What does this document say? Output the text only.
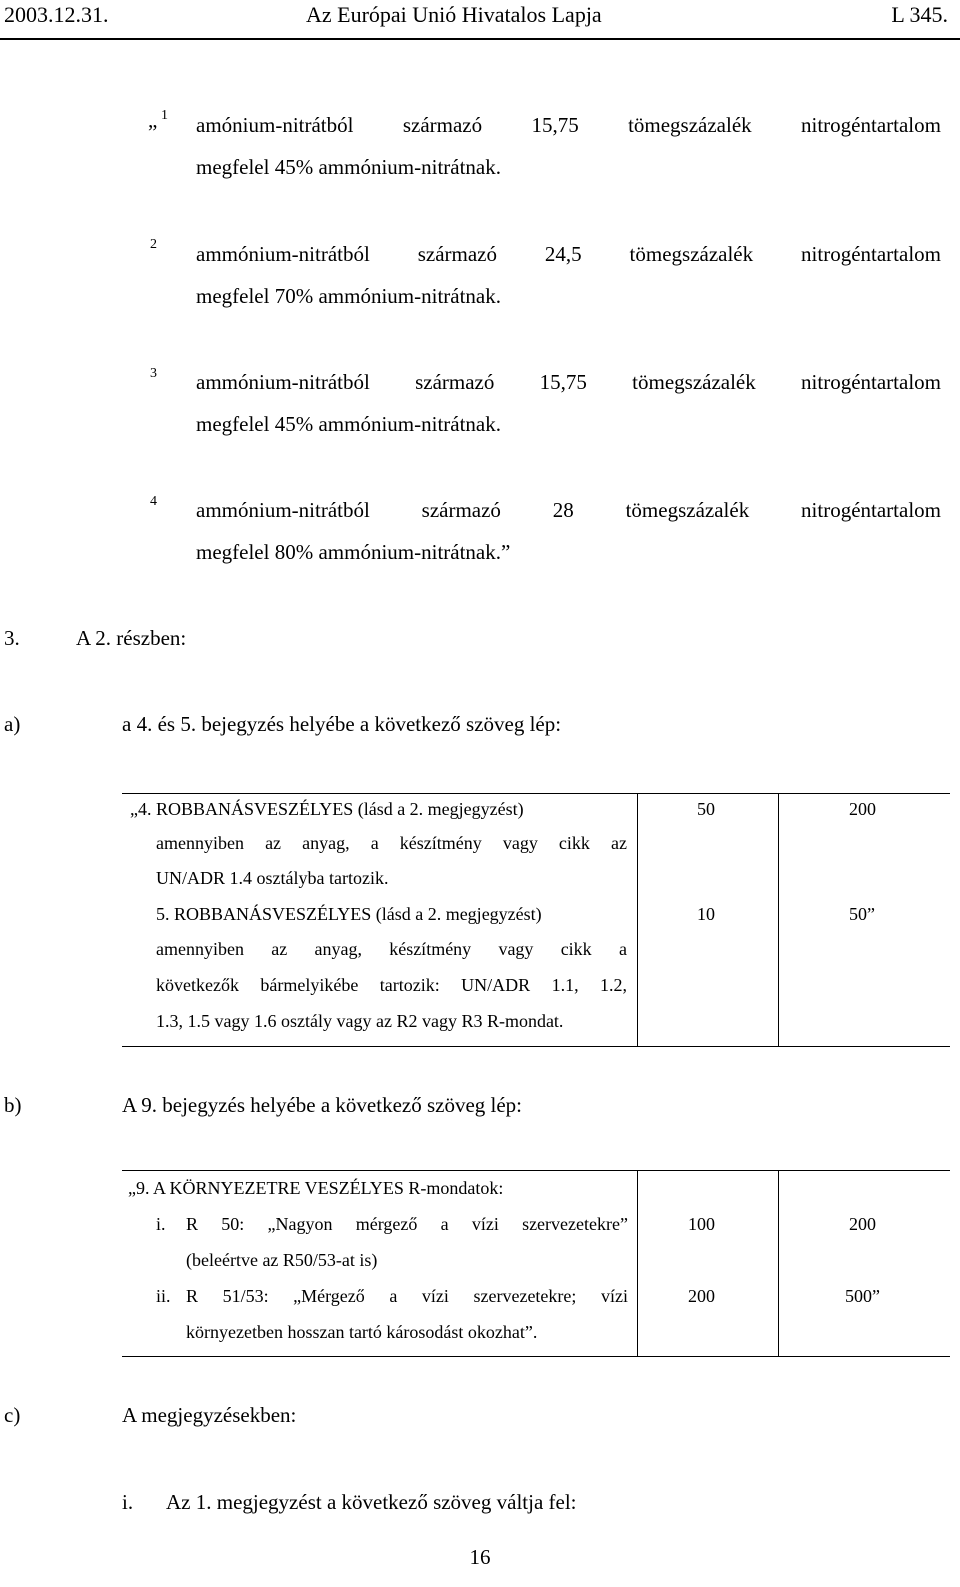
2003.12.31.	Az Európai Unió Hivatalos Lapja	L 345.
„ 1 amónium-nitrátból származó 15,75 tömegszázalék nitrogéntartalom
megfelel 45% ammónium-nitrátnak.
2 ammónium-nitrátból származó 24,5 tömegszázalék nitrogéntartalom
megfelel 70% ammónium-nitrátnak.
3 ammónium-nitrátból származó 15,75 tömegszázalék nitrogéntartalom
megfelel 45% ammónium-nitrátnak.
4 ammónium-nitrátból származó 28 tömegszázalék nitrogéntartalom
megfelel 80% ammónium-nitrátnak.”
3.	A 2. részben:
a)	a 4. és 5. bejegyzés helyébe a következő szöveg lép:
„4. ROBBANÁSVESZÉLYES (lásd a 2. megjegyzést)
amennyiben az anyag, a készítmény vagy cikk az
UN/ADR 1.4 osztályba tartozik.
50	200
5. ROBBANÁSVESZÉLYES (lásd a 2. megjegyzést)
amennyiben az anyag, készítmény vagy cikk a
következők bármelyikébe tartozik: UN/ADR 1.1, 1.2,
1.3, 1.5 vagy 1.6 osztály vagy az R2 vagy R3 R-mondat.
10	50”
b)	A 9. bejegyzés helyébe a következő szöveg lép:
„9. A KÖRNYEZETRE VESZÉLYES R-mondatok:
i. R 50: „Nagyon mérgező a vízi szervezetekre”
(beleértve az R50/53-at is)
100	200
ii. R 51/53: „Mérgező a vízi szervezetekre; vízi
környezetben hosszan tartó károsodást okozhat”.
200	500”
c)	A megjegyzésekben:
i. Az 1. megjegyzést a következő szöveg váltja fel:
16
